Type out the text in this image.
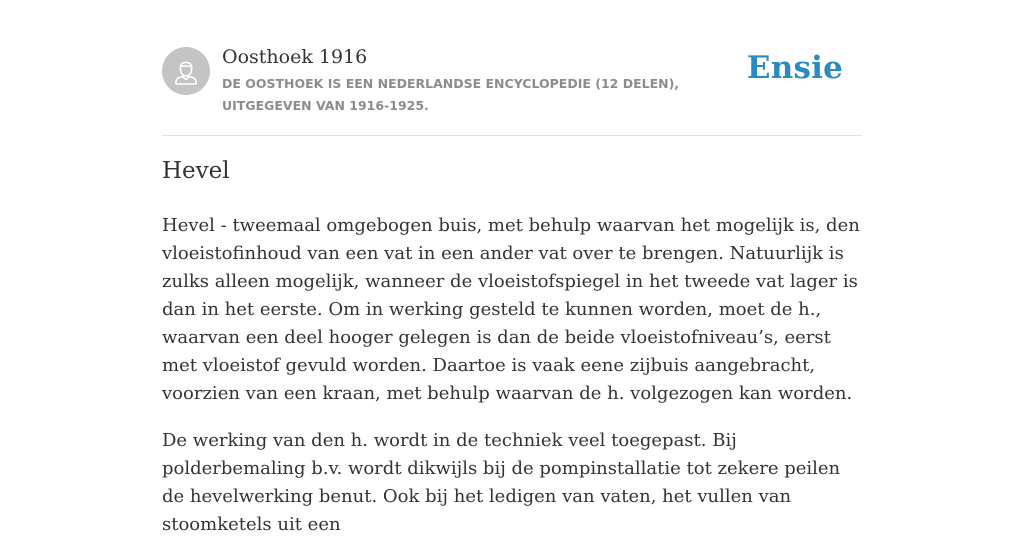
Oosthoek 1916
DE OOSTHOEK IS EEN NEDERLANDSE ENCYCLOPEDIE (12 DELEN), UITGEGEVEN VAN 1916-1925.
Ensie
Hevel

Hevel - tweemaal omgebogen buis, met behulp waarvan het mogelijk is, den vloeistofinhoud van een vat in een ander vat over te brengen. Natuurlijk is zulks alleen mogelijk, wanneer de vloeistofspiegel in het tweede vat lager is dan in het eerste. Om in werking gesteld te kunnen worden, moet de h., waarvan een deel hooger gelegen is dan de beide vloeistofniveau’s, eerst met vloeistof gevuld worden. Daartoe is vaak eene zijbuis aangebracht, voorzien van een kraan, met behulp waarvan de h. volgezogen kan worden.

De werking van den h. wordt in de techniek veel toegepast. Bij polderbemaling b.v. wordt dikwijls bij de pompinstallatie tot zekere peilen de hevelwerking benut. Ook bij het ledigen van vaten, het vullen van stoomketels uit een
